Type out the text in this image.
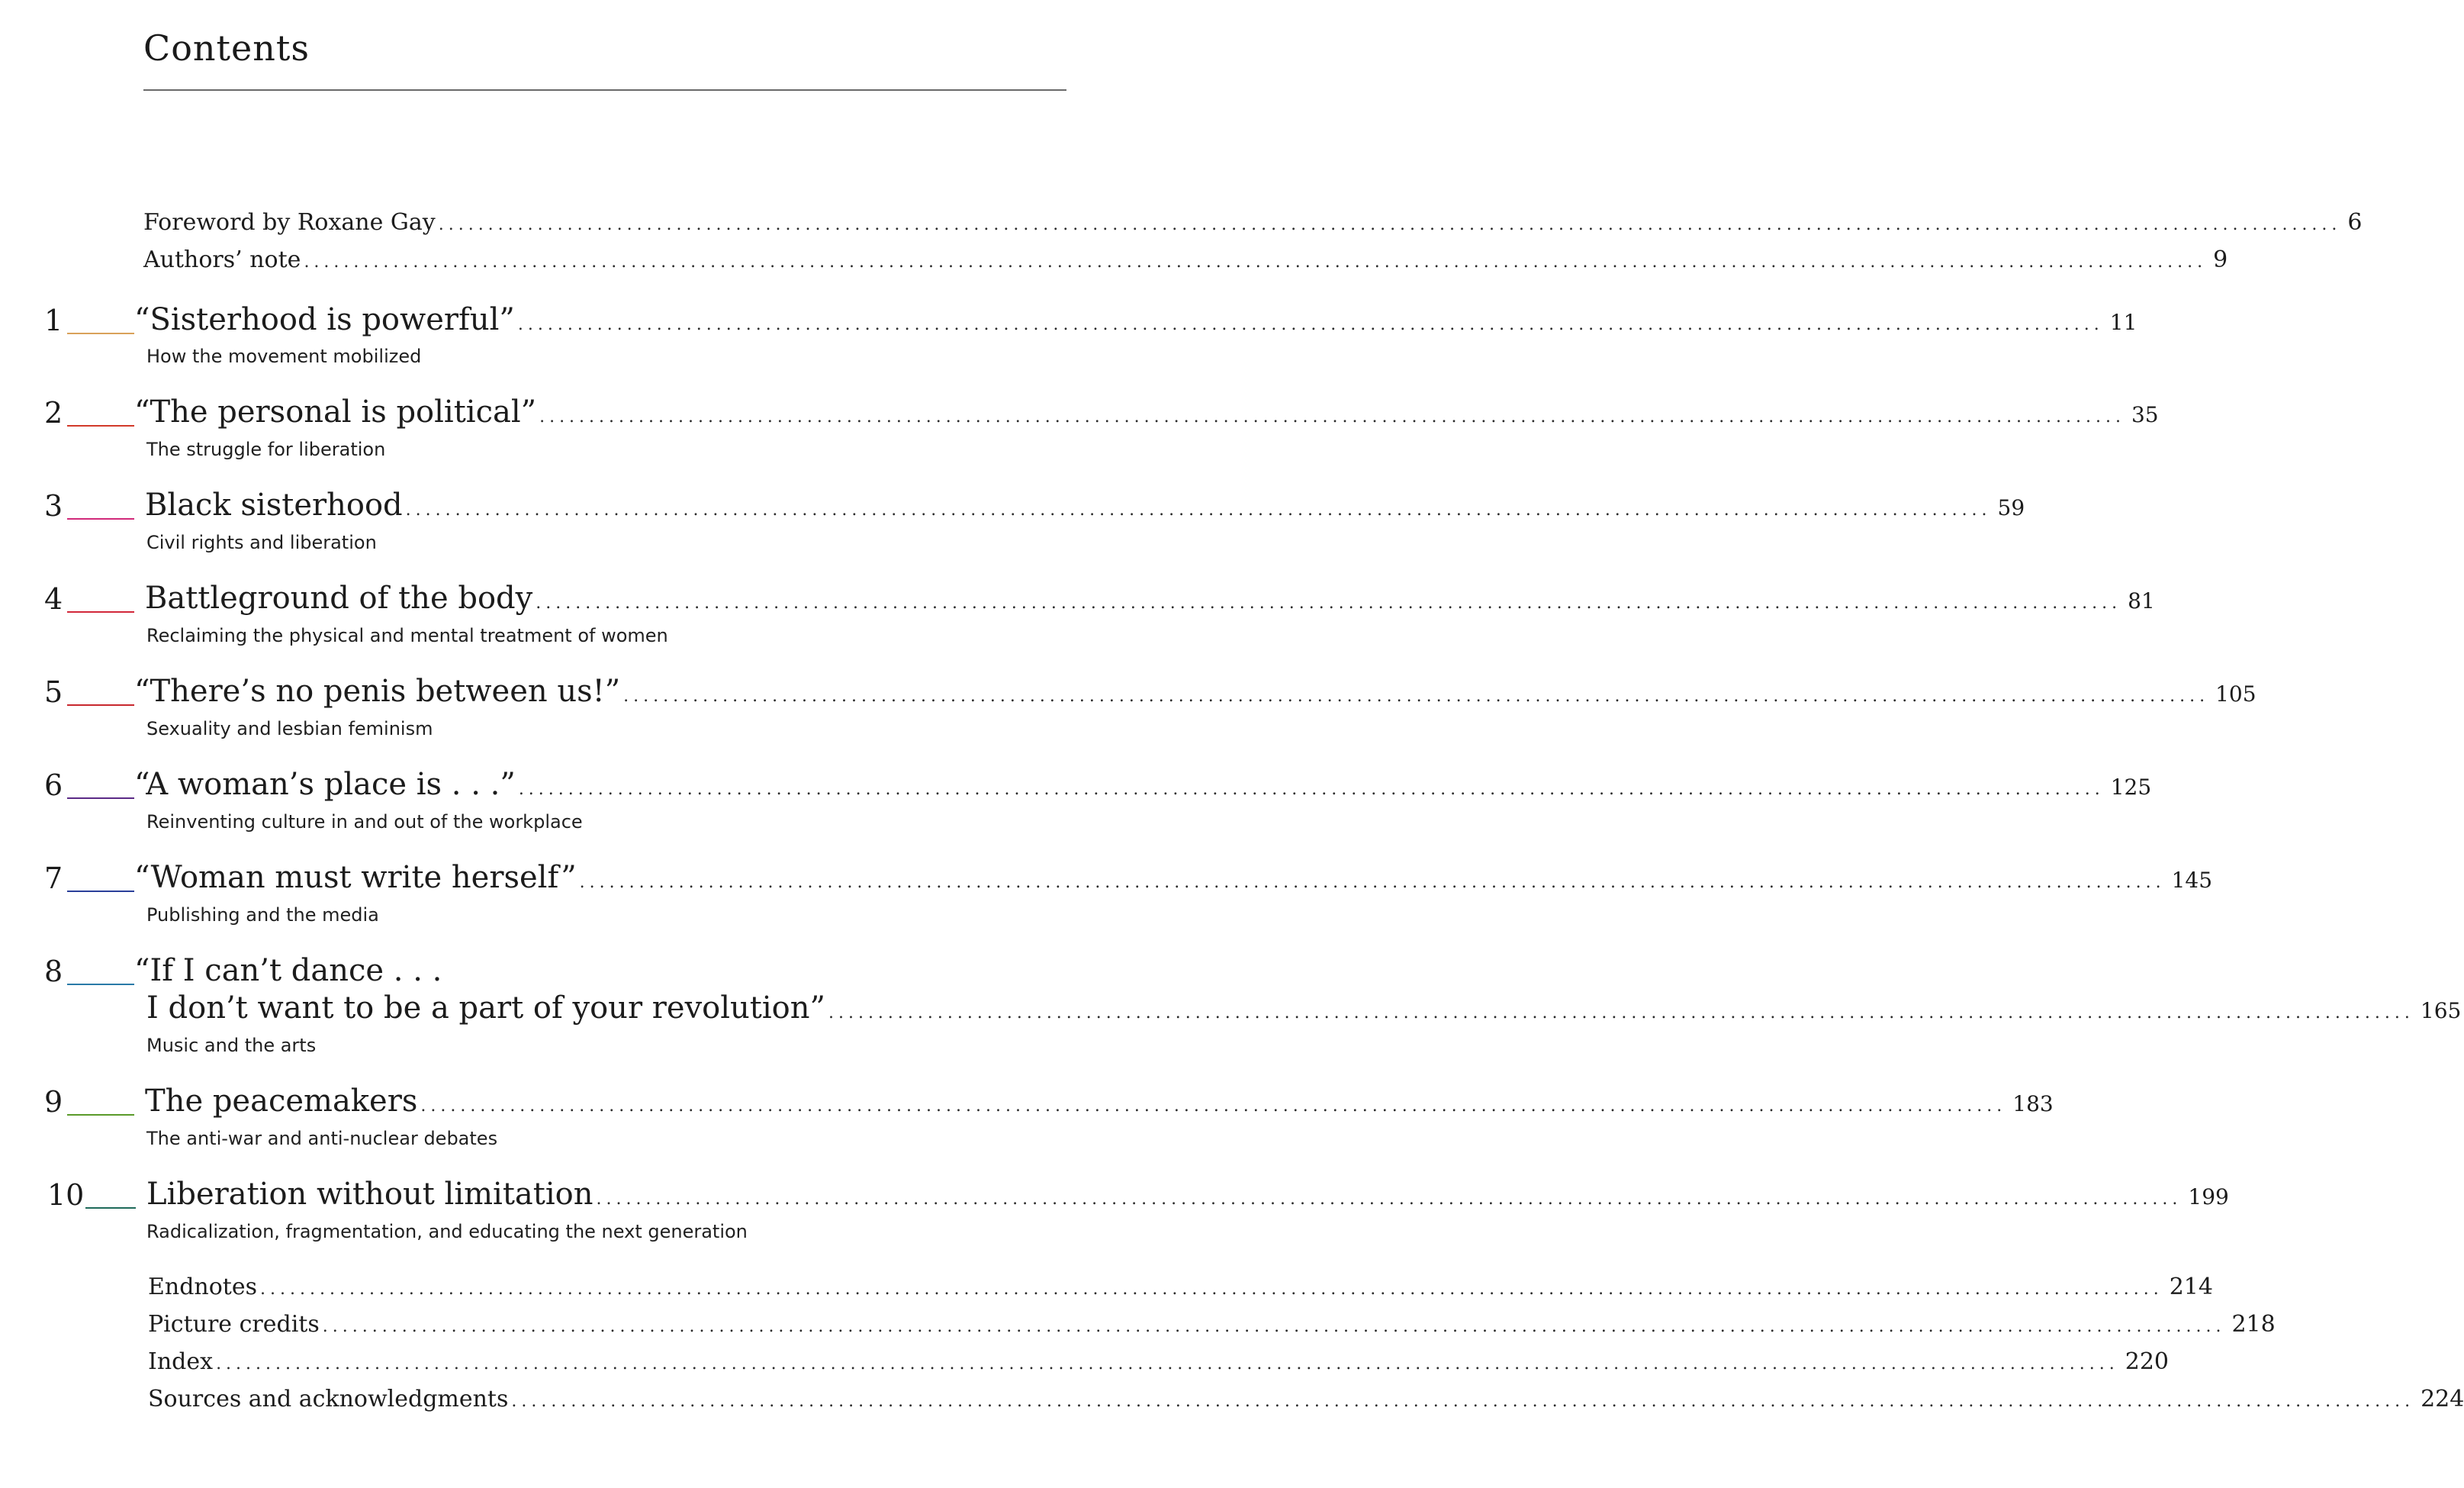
Contents
Foreword by Roxane Gay ................................................................................................................................................................................................ 6
Authors’ note ................................................................................................................................................................................................ 9
1 “Sisterhood is powerful” ................................................................................................................................................................ 11
How the movement mobilized
2 “The personal is political” ................................................................................................................................................................ 35
The struggle for liberation
3	Black sisterhood ................................................................................................................................................................ 59
Civil rights and liberation
4	Battleground of the body ................................................................................................................................................................ 81
Reclaiming the physical and mental treatment of women
5 “There’s no penis between us!” ................................................................................................................................................................ 105
Sexuality and lesbian feminism
6 “A woman’s place is . . .” ................................................................................................................................................................ 125
Reinventing culture in and out of the workplace
7 “Woman must write herself” ................................................................................................................................................................ 145
Publishing and the media
8 “If I can’t dance . . .
I don’t want to be a part of your revolution” ................................................................................................................................................................ 165
Music and the arts
9	The peacemakers ................................................................................................................................................................ 183
The anti-war and anti-nuclear debates
10 Liberation without limitation ................................................................................................................................................................ 199
Radicalization, fragmentation, and educating the next generation
Endnotes ................................................................................................................................................................................................ 214
Picture credits ................................................................................................................................................................................................ 218
Index ................................................................................................................................................................................................ 220
Sources and acknowledgments ................................................................................................................................................................................................ 224
